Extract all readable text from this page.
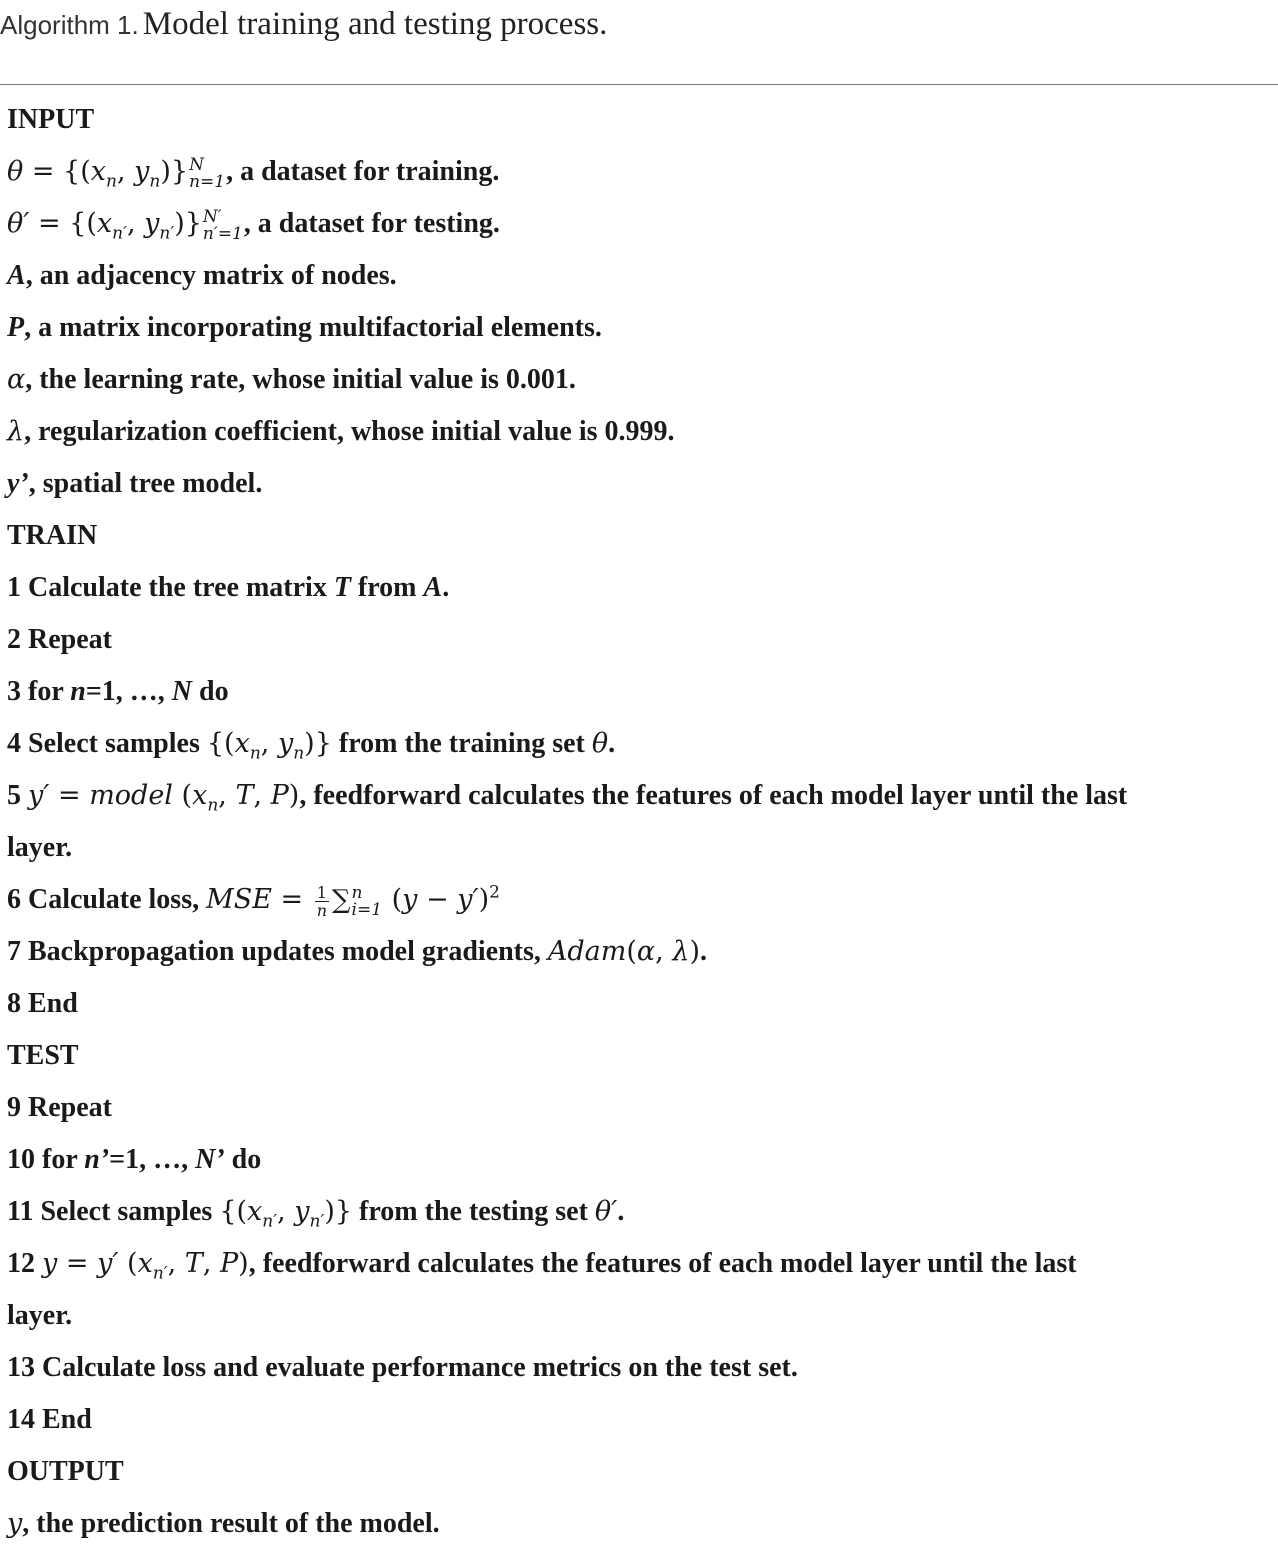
Algorithm 1. Model training and testing process.
INPUT
$\theta = \{(x_n$, $y_n$)} N
n=1 , a dataset for training.
$\theta' = \{(x_{n'}$, $y_{n'}$)} N′
n′=1 , a dataset for testing.
A, an adjacency matrix of nodes.
P, a matrix incorporating multifactorial elements.
α, the learning rate, whose initial value is 0.001.
λ, regularization coefficient, whose initial value is 0.999.
y’, spatial tree model.
TRAIN
1 Calculate the tree matrix T from A.
2 Repeat
3 for n=1, …, N do
4 Select samples {($x_n$, $y_n$)} from the training set θ.
5 y′ = model ($x_n$, T, P), feedforward calculates the features of each model layer until the last
layer.
6 Calculate loss, MSE = $\frac{1}{n}$ ∑ n
i=1 $(y - y')^2$
7 Backpropagation updates model gradients, Adam(α, λ).
8 End
TEST
9 Repeat
10 for n’=1, …, N’ do
11 Select samples {($x_{n'}$, $y_{n'}$)} from the testing set θ′.
12 y = y′ ($x_{n'}$, T, P), feedforward calculates the features of each model layer until the last
layer.
13 Calculate loss and evaluate performance metrics on the test set.
14 End
OUTPUT
y, the prediction result of the model.
